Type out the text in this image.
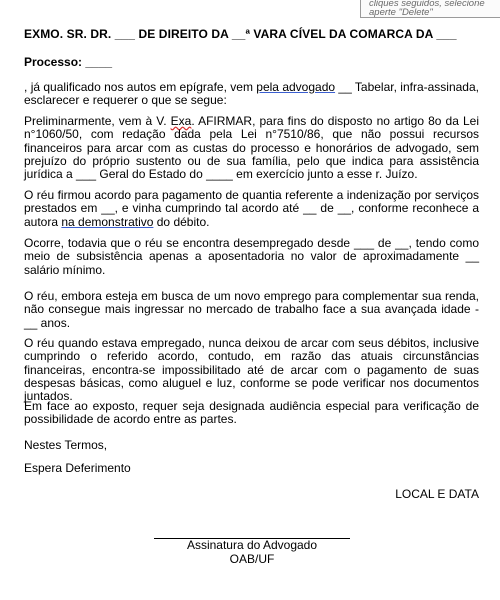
cliques seguidos, selecione
aperte "Delete"
EXMO. SR. DR. ___ DE DIREITO DA __ª VARA CÍVEL DA COMARCA DA ___
Processo: ____
, já qualificado nos autos em epígrafe, vem pela advogado __ Tabelar, infra-assinada, esclarecer e requerer o que se segue:
Preliminarmente, vem à V. Exa. AFIRMAR, para fins do disposto no artigo 8o da Lei n°1060/50, com redação dada pela Lei n°7510/86, que não possui recursos financeiros para arcar com as custas do processo e honorários de advogado, sem prejuízo do próprio sustento ou de sua família, pelo que indica para assistência jurídica a ___ Geral do Estado do ____ em exercício junto a esse r. Juízo.
O réu firmou acordo para pagamento de quantia referente a indenização por serviços prestados em __, e vinha cumprindo tal acordo até __ de __, conforme reconhece a autora na demonstrativo do débito.
Ocorre, todavia que o réu se encontra desempregado desde ___ de __, tendo como meio de subsistência apenas a aposentadoria no valor de aproximadamente __ salário mínimo.
O réu, embora esteja em busca de um novo emprego para complementar sua renda, não consegue mais ingressar no mercado de trabalho face a sua avançada idade - __ anos.
O réu quando estava empregado, nunca deixou de arcar com seus débitos, inclusive cumprindo o referido acordo, contudo, em razão das atuais circunstâncias financeiras, encontra-se impossibilitado até de arcar com o pagamento de suas despesas básicas, como aluguel e luz, conforme se pode verificar nos documentos juntados.
Em face ao exposto, requer seja designada audiência especial para verificação de possibilidade de acordo entre as partes.
Nestes Termos,
Espera Deferimento
LOCAL E DATA
Assinatura do Advogado
OAB/UF
